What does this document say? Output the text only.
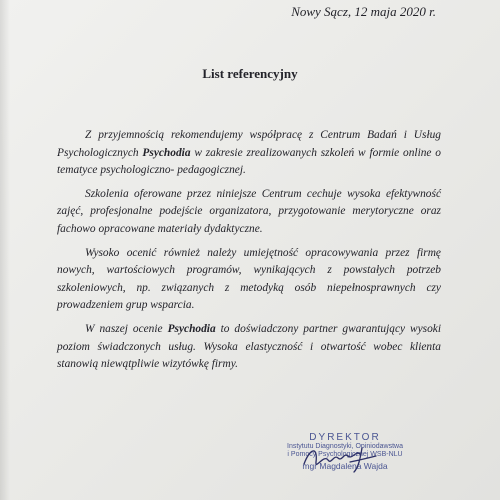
Nowy Sącz, 12 maja 2020 r.
List referencyjny

Z przyjemnością rekomendujemy współpracę z Centrum Badań i Usług Psychologicznych Psychodia w zakresie zrealizowanych szkoleń w formie online o tematyce psychologiczno- pedagogicznej.

Szkolenia oferowane przez niniejsze Centrum cechuje wysoka efektywność zajęć, profesjonalne podejście organizatora, przygotowanie merytoryczne oraz fachowo opracowane materiały dydaktyczne.

Wysoko ocenić również należy umiejętność opracowywania przez firmę nowych, wartościowych programów, wynikających z powstałych potrzeb szkoleniowych, np. związanych z metodyką osób niepełnosprawnych czy prowadzeniem grup wsparcia.

W naszej ocenie Psychodia to doświadczony partner gwarantujący wysoki poziom świadczonych usług. Wysoka elastyczność i otwartość wobec klienta stanowią niewątpliwie wizytówkę firmy.

DYREKTOR
Instytutu Diagnostyki, Opiniodawstwa
i Pomocy Psychologicznej WSB-NLU
mgr Magdalena Wajda
